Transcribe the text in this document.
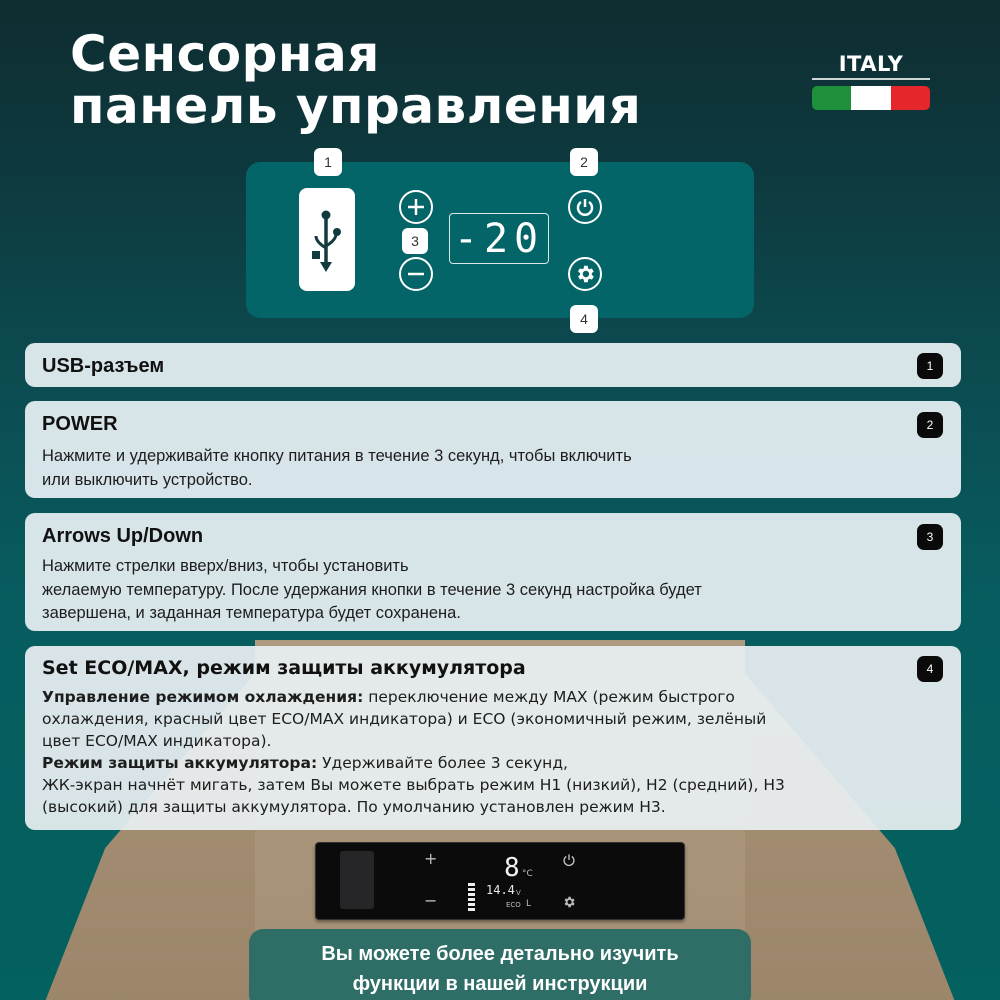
Сенсорная
панель управления
ITALY
1	2
3
4
-20
USB-разъем	1
POWER
Нажмите и удерживайте кнопку питания в течение 3 секунд, чтобы включить
или выключить устройство.
2
Arrows Up/Down
Нажмите стрелки вверх/вниз, чтобы установить
желаемую температуру. После удержания кнопки в течение 3 секунд настройка будет
завершена, и заданная температура будет сохранена.
3
Set ECO/MAX, режим защиты аккумулятора
Управление режимом охлаждения: переключение между MAX (режим быстрого
охлаждения, красный цвет ECO/MAX индикатора) и ECO (экономичный режим, зелёный
цвет ECO/MAX индикатора).
Режим защиты аккумулятора: Удерживайте более 3 секунд,
ЖК-экран начнёт мигать, затем Вы можете выбрать режим H1 (низкий), H2 (средний), H3
(высокий) для защиты аккумулятора. По умолчанию установлен режим H3.
4
+
−
8 °C
14.4 V
ECO L
Вы можете более детально изучить
функции в нашей инструкции
